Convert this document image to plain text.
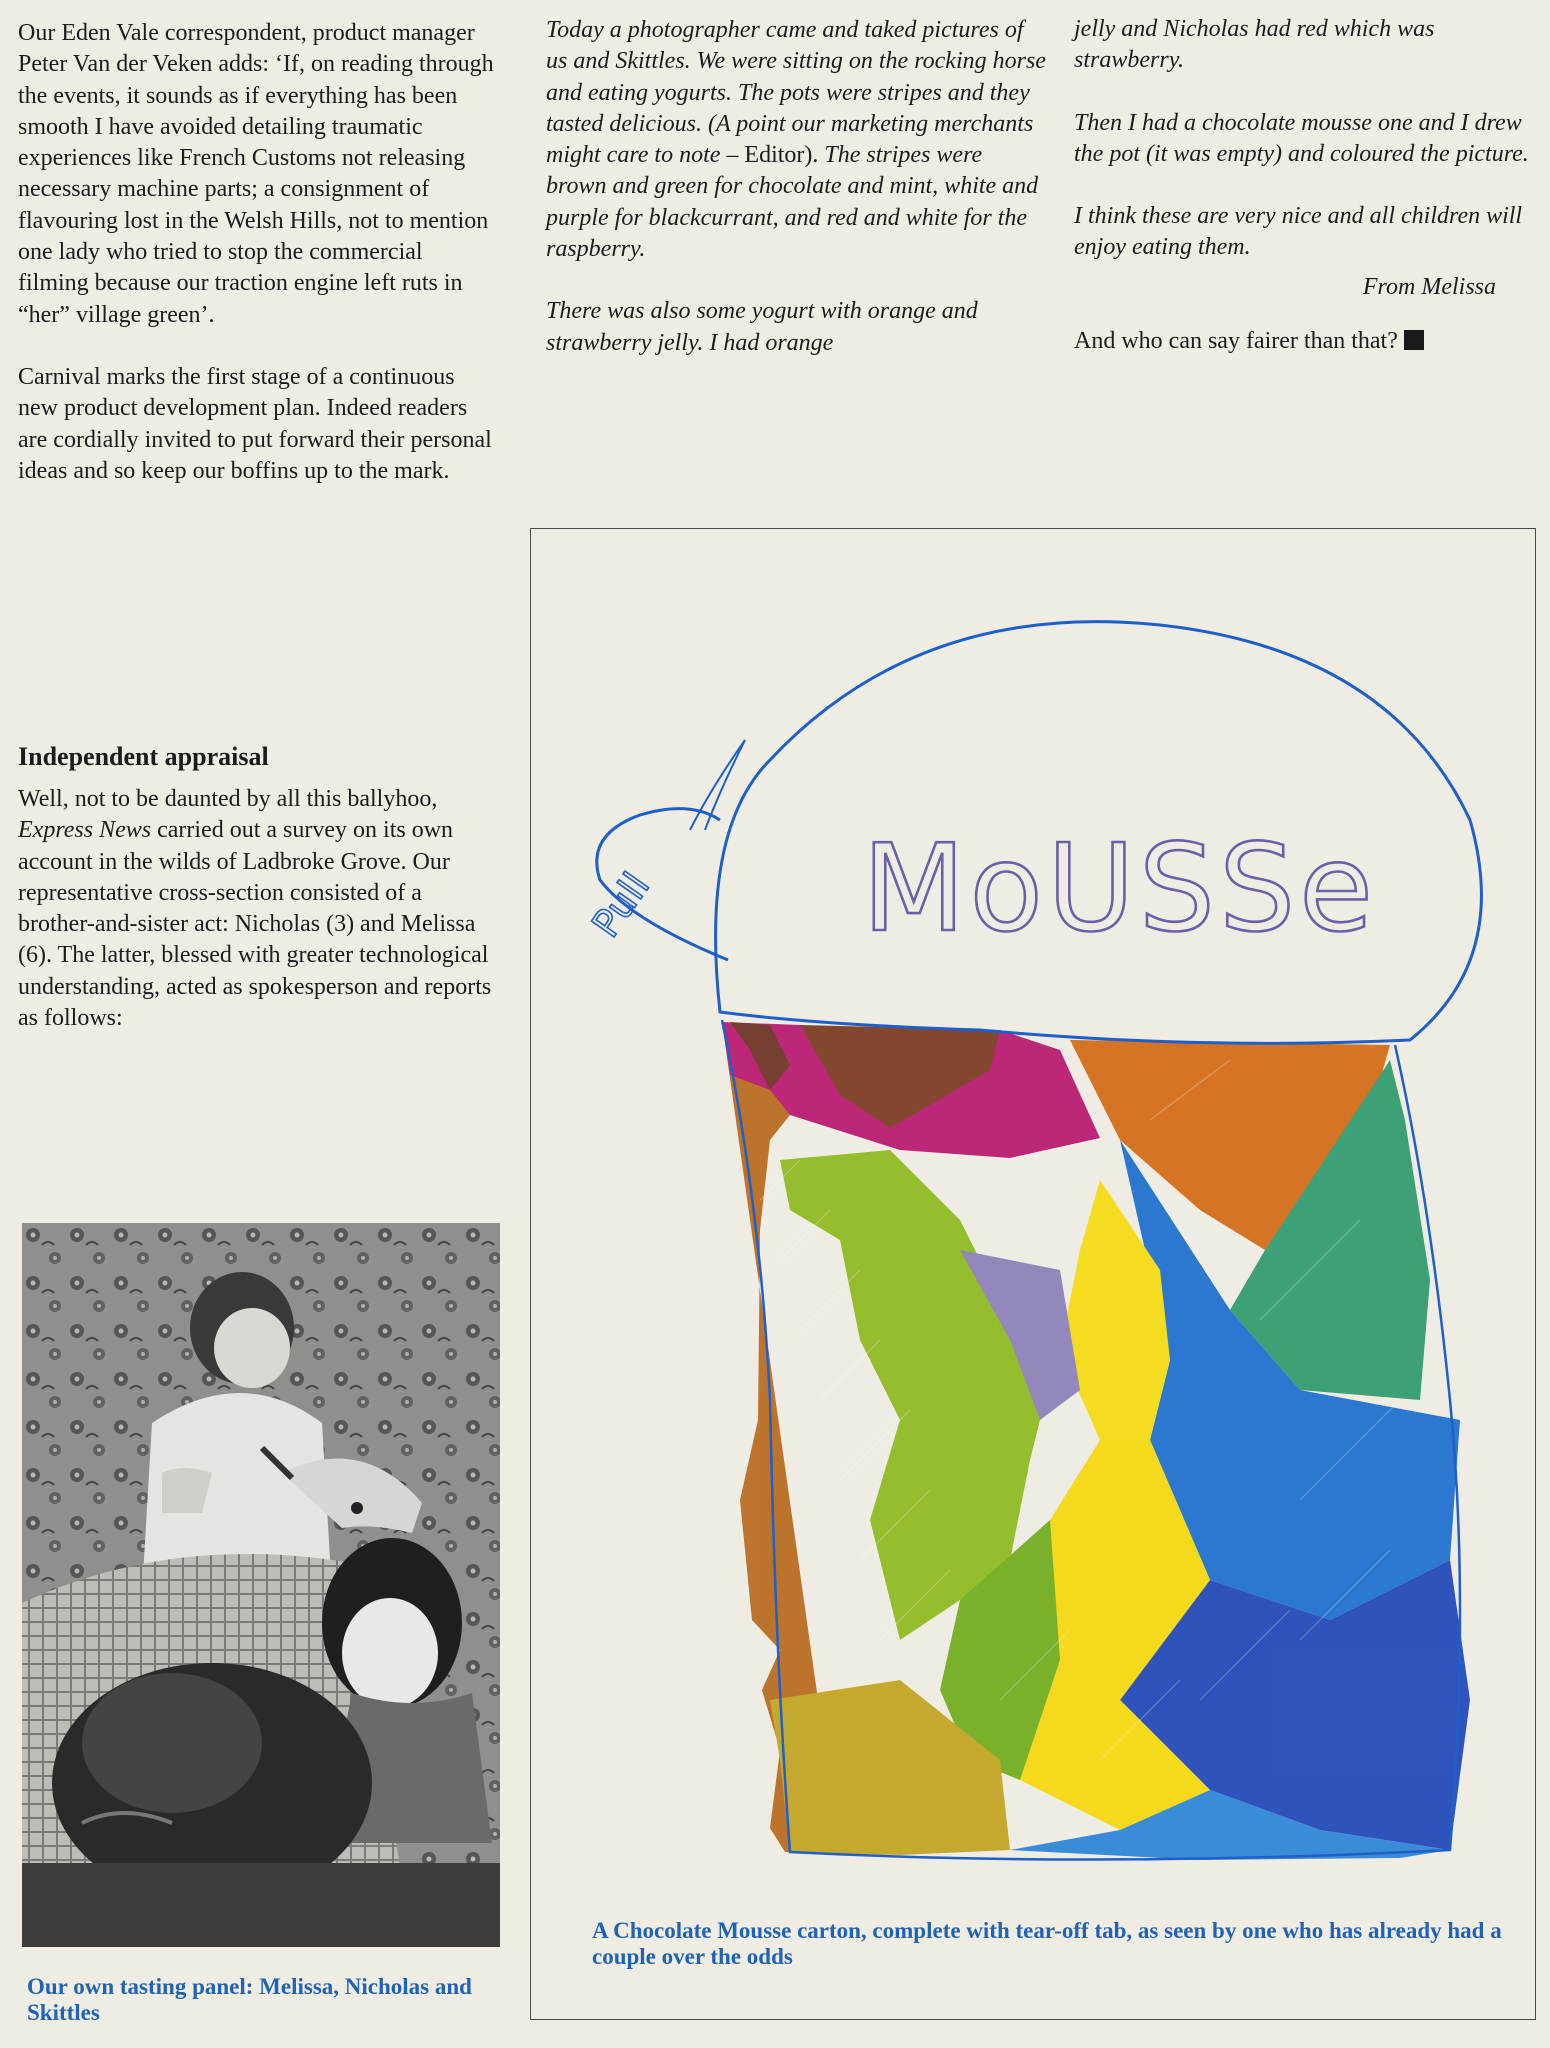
Our Eden Vale correspondent, product manager Peter Van der Veken adds: ‘If, on reading through the events, it sounds as if everything has been smooth I have avoided detailing traumatic experiences like French Customs not releasing necessary machine parts; a consignment of flavouring lost in the Welsh Hills, not to mention one lady who tried to stop the commercial filming because our traction engine left ruts in “her” village green’.

Carnival marks the first stage of a continuous new product development plan. Indeed readers are cordially invited to put forward their personal ideas and so keep our boffins up to the mark.

Independent appraisal

Well, not to be daunted by all this ballyhoo, Express News carried out a survey on its own account in the wilds of Ladbroke Grove. Our representative cross-section consisted of a brother-and-sister act: Nicholas (3) and Melissa (6). The latter, blessed with greater technological understanding, acted as spokesperson and reports as follows:

Today a photographer came and taked pictures of us and Skittles. We were sitting on the rocking horse and eating yogurts. The pots were stripes and they tasted delicious. (A point our marketing merchants might care to note – Editor). The stripes were brown and green for chocolate and mint, white and purple for blackcurrant, and red and white for the raspberry.

There was also some yogurt with orange and strawberry jelly. I had orange

jelly and Nicholas had red which was strawberry.

Then I had a chocolate mousse one and I drew the pot (it was empty) and coloured the picture.

I think these are very nice and all children will enjoy eating them.

From Melissa

And who can say fairer than that?

Our own tasting panel: Melissa, Nicholas and Skittles
Pull MoUSSe
A Chocolate Mousse carton, complete with tear-off tab, as seen by one who has already had a couple over the odds
